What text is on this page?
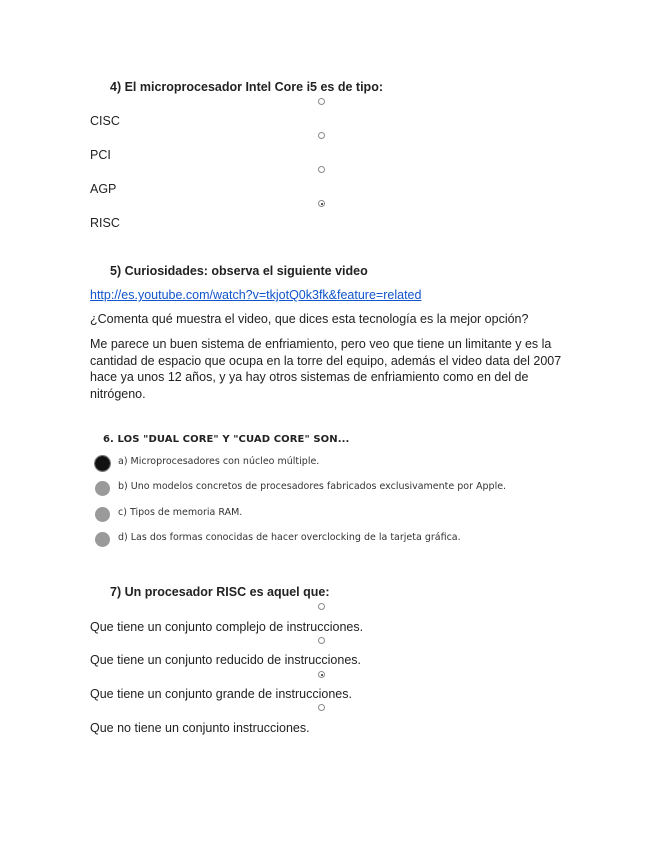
4) El microprocesador Intel Core i5 es de tipo:
CISC
PCI
AGP
RISC
5) Curiosidades: observa el siguiente video
http://es.youtube.com/watch?v=tkjotQ0k3fk&feature=related
¿Comenta qué muestra el video, que dices esta tecnología es la mejor opción?
Me parece un buen sistema de enfriamiento, pero veo que tiene un limitante y es la cantidad de espacio que ocupa en la torre del equipo, además el video data del 2007 hace ya unos 12 años, y ya hay otros sistemas de enfriamiento como en del de nitrógeno.
6. LOS "DUAL CORE" Y "CUAD CORE" SON...
a) Microprocesadores con núcleo múltiple.
b) Uno modelos concretos de procesadores fabricados exclusivamente por Apple.
c) Tipos de memoria RAM.
d) Las dos formas conocidas de hacer overclocking de la tarjeta gráfica.
7) Un procesador RISC es aquel que:
Que tiene un conjunto complejo de instrucciones.
Que tiene un conjunto reducido de instrucciones.
Que tiene un conjunto grande de instrucciones.
Que no tiene un conjunto instrucciones.
